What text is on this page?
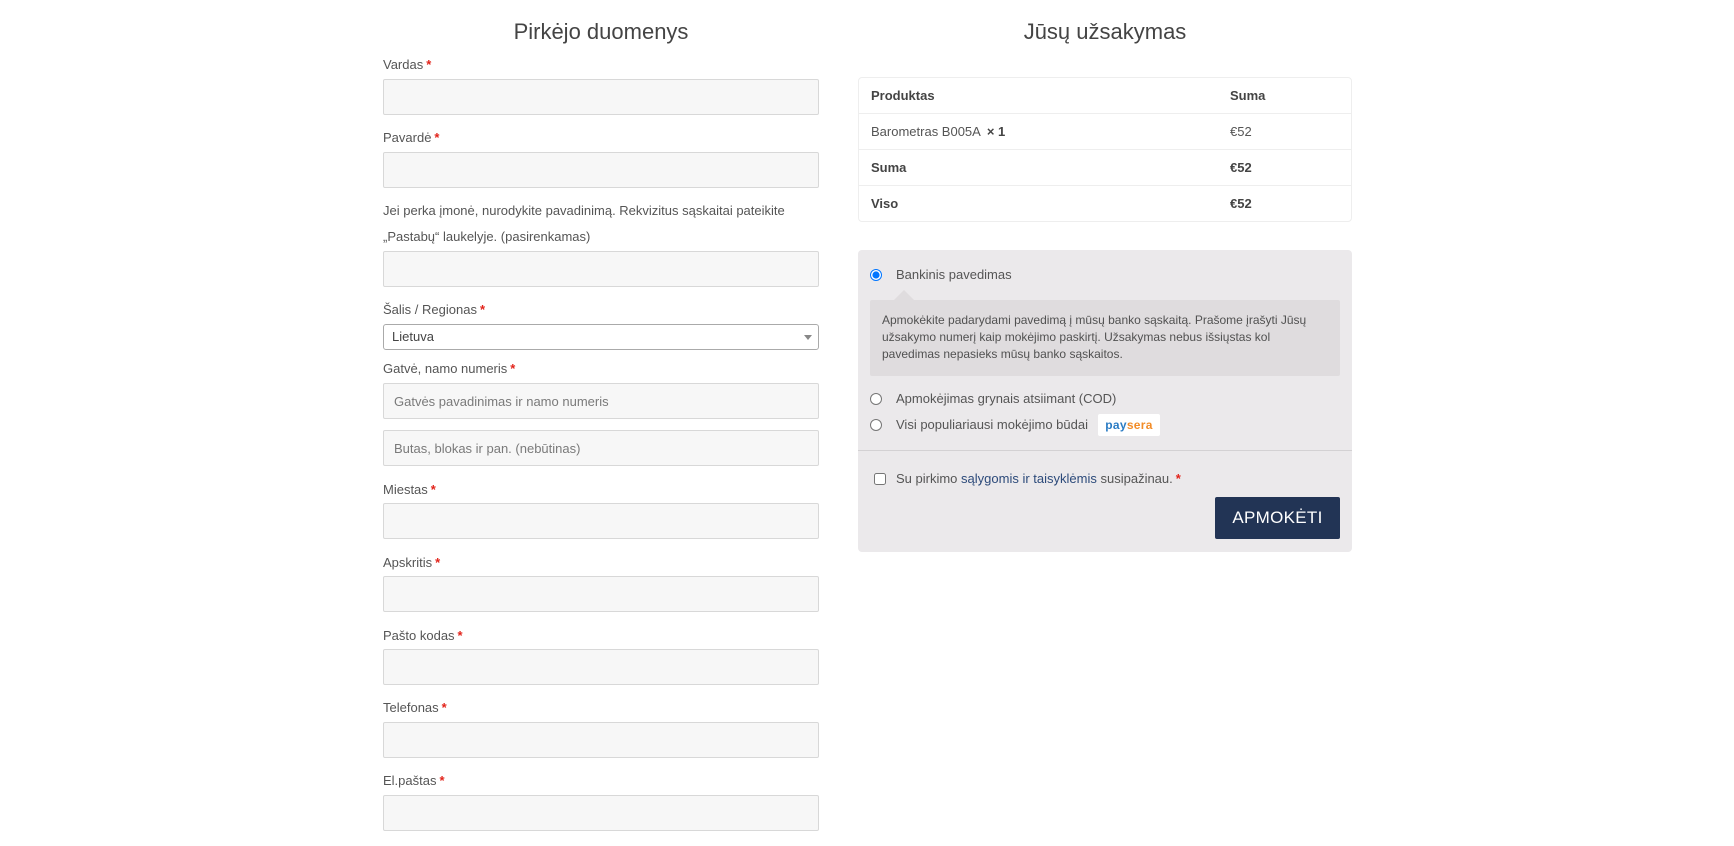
Pirkėjo duomenys
Vardas *
Pavardė *
Jei perka įmonė, nurodykite pavadinimą. Rekvizitus sąskaitai pateikite
„Pastabų“ laukelyje. (pasirenkamas)
Šalis / Regionas *
Lietuva
Gatvė, namo numeris *
Gatvės pavadinimas ir namo numeris
Butas, blokas ir pan. (nebūtinas)
Miestas *
Apskritis *
Pašto kodas *
Telefonas *
El.paštas *
Jūsų užsakymas
Produktas	Suma
Barometras B005A × 1	€52
Suma	€52
Viso	€52
Bankinis pavedimas
Apmokėkite padarydami pavedimą į mūsų banko sąskaitą. Prašome įrašyti Jūsų užsakymo numerį kaip mokėjimo paskirtį. Užsakymas nebus išsiųstas kol pavedimas nepasieks mūsų banko sąskaitos.
Apmokėjimas grynais atsiimant (COD)
Visi populiariausi mokėjimo būdai	paysera
Su pirkimo
sąlygomis ir taisyklėmis
susipažinau. *
APMOKĖTI
